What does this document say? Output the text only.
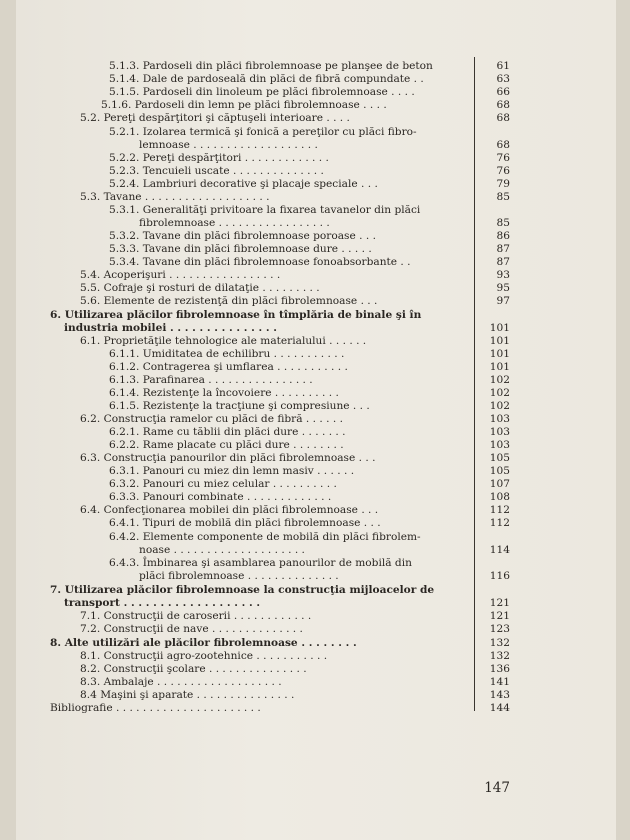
5.1.3. Pardoseli din plăci fibrolemnoase pe planşee de beton	61
5.1.4. Dale de pardoseală din plăci de fibră compundate . .	63
5.1.5. Pardoseli din linoleum pe plăci fibrolemnoase . . . .	66
5.1.6. Pardoseli din lemn pe plăci fibrolemnoase . . . .	68
5.2. Pereţi despărţitori şi căptuşeli interioare . . . .	68
5.2.1. Izolarea termică şi fonică a pereţilor cu plăci fibro-
lemnoase . . . . . . . . . . . . . . . . . . .	68
5.2.2. Pereţi despărţitori . . . . . . . . . . . . .	76
5.2.3. Tencuieli uscate . . . . . . . . . . . . . .	76
5.2.4. Lambriuri decorative şi placaje speciale . . .	79
5.3. Tavane . . . . . . . . . . . . . . . . . . .	85
5.3.1. Generalităţi privitoare la fixarea tavanelor din plăci
fibrolemnoase . . . . . . . . . . . . . . . . .	85
5.3.2. Tavane din plăci fibrolemnoase poroase . . .	86
5.3.3. Tavane din plăci fibrolemnoase dure . . . . .	87
5.3.4. Tavane din plăci fibrolemnoase fonoabsorbante . .	87
5.4. Acoperişuri . . . . . . . . . . . . . . . . .	93
5.5. Cofraje şi rosturi de dilataţie . . . . . . . . .	95
5.6. Elemente de rezistenţă din plăci fibrolemnoase . . .	97
6. Utilizarea plăcilor fibrolemnoase în tîmplăria de binale şi în
industria mobilei . . . . . . . . . . . . . . .	101
6.1. Proprietăţile tehnologice ale materialului . . . . . .	101
6.1.1. Umiditatea de echilibru . . . . . . . . . . .	101
6.1.2. Contragerea şi umflarea . . . . . . . . . . .	101
6.1.3. Parafinarea . . . . . . . . . . . . . . . .	102
6.1.4. Rezistenţe la încovoiere . . . . . . . . . .	102
6.1.5. Rezistenţe la tracţiune şi compresiune . . .	102
6.2. Construcţia ramelor cu plăci de fibră . . . . . .	103
6.2.1. Rame cu tăblii din plăci dure . . . . . . .	103
6.2.2. Rame placate cu plăci dure . . . . . . . .	103
6.3. Construcţia panourilor din plăci fibrolemnoase . . .	105
6.3.1. Panouri cu miez din lemn masiv . . . . . .	105
6.3.2. Panouri cu miez celular . . . . . . . . . .	107
6.3.3. Panouri combinate . . . . . . . . . . . . .	108
6.4. Confecţionarea mobilei din plăci fibrolemnoase . . .	112
6.4.1. Tipuri de mobilă din plăci fibrolemnoase . . .	112
6.4.2. Elemente componente de mobilă din plăci fibrolem-
noase . . . . . . . . . . . . . . . . . . . .	114
6.4.3. Îmbinarea şi asamblarea panourilor de mobilă din
plăci fibrolemnoase . . . . . . . . . . . . . .	116
7. Utilizarea plăcilor fibrolemnoase la construcţia mijloacelor de
transport . . . . . . . . . . . . . . . . . . .	121
7.1. Construcţii de caroserii . . . . . . . . . . . .	121
7.2. Construcţii de nave . . . . . . . . . . . . . .	123
8. Alte utilizări ale plăcilor fibrolemnoase . . . . . . . .	132
8.1. Construcţii agro-zootehnice . . . . . . . . . . .	132
8.2. Construcţii şcolare . . . . . . . . . . . . . . .	136
8.3. Ambalaje . . . . . . . . . . . . . . . . . . .	141
8.4 Maşini şi aparate . . . . . . . . . . . . . . .	143
Bibliografie . . . . . . . . . . . . . . . . . . . . . .	144
147
